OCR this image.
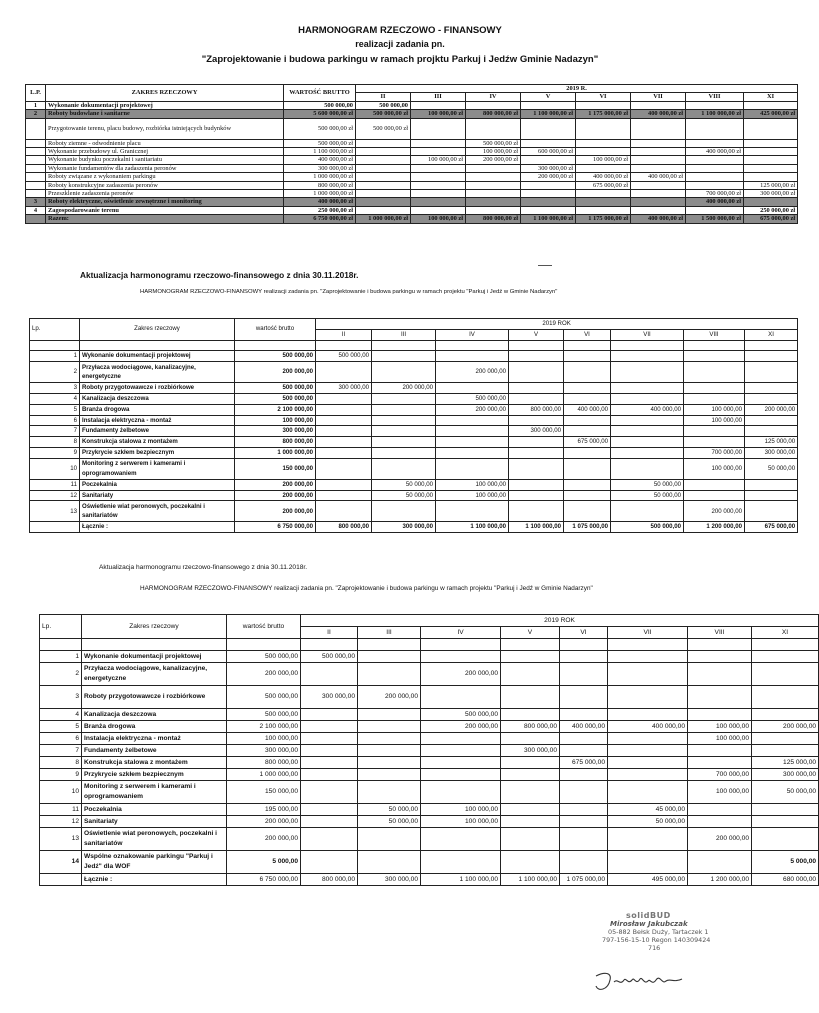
HARMONOGRAM RZECZOWO - FINANSOWY
realizacji zadania pn.
"Zaprojektowanie i budowa parkingu w ramach projktu Parkuj i Jedźw Gminie Nadazyn"
L.P.	ZAKRES RZECZOWY	WARTOŚĆ BRUTTO	2019 R.							
			II	III	IV	V	VI	VII	VIII	XI
1	Wykonanie dokumentacji projektowej	500 000,00	500 000,00							
2	Roboty budowlane i sanitarne	5 600 000,00 zł	500 000,00 zł	100 000,00 zł	800 000,00 zł	1 100 000,00 zł	1 175 000,00 zł	400 000,00 zł	1 100 000,00 zł	425 000,00 zł
	Przygotowanie terenu, placu budowy, rozbiórka istniejących budynków	500 000,00 zł	500 000,00 zł							
	Roboty ziemne - odwodnienie placu	500 000,00 zł			500 000,00 zł					
	Wykonanie przebudowy ul. Granicznej	1 100 000,00 zł			100 000,00 zł	600 000,00 zł			400 000,00 zł	
	Wykonanie budynku poczekalni i sanitariatu	400 000,00 zł		100 000,00 zł	200 000,00 zł		100 000,00 zł			
	Wykonanie fundamentów dla zadaszenia peronów	300 000,00 zł				300 000,00 zł				
	Roboty związane z wykonaniem parkingu	1 000 000,00 zł				200 000,00 zł	400 000,00 zł	400 000,00 zł		
	Roboty konstrukcyjne zadaszenia peronów	800 000,00 zł					675 000,00 zł			125 000,00 zł
	Przeszklenie zadaszenia peronów	1 000 000,00 zł							700 000,00 zł	300 000,00 zł
3	Roboty elektryczne, oświetlenie zewnętrzne i monitoring	400 000,00 zł							400 000,00 zł	
4	Zagospodarowanie terenu	250 000,00 zł								250 000,00 zł
	Razem:	6 750 000,00 zł	1 000 000,00 zł	100 000,00 zł	800 000,00 zł	1 100 000,00 zł	1 175 000,00 zł	400 000,00 zł	1 500 000,00 zł	675 000,00 zł
Aktualizacja harmonogramu rzeczowo-finansowego z dnia 30.11.2018r.
HARMONOGRAM RZECZOWO-FINANSOWY realizacji zadania pn. "Zaprojektowanie i budowa parkingu w ramach projektu "Parkuj i Jedź w Gminie Nadarzyn"
Lp.	Zakres rzeczowy	wartość brutto	2019 ROK							
			II	III	IV	V	VI	VII	VIII	XI

1	Wykonanie dokumentacji projektowej	500 000,00	500 000,00							
2	Przyłacza wodociągowe, kanalizacyjne, energetyczne	200 000,00			200 000,00					
3	Roboty przygotowawcze i rozbiórkowe	500 000,00	300 000,00	200 000,00						
4	Kanalizacja deszczowa	500 000,00			500 000,00					
5	Branża drogowa	2 100 000,00			200 000,00	800 000,00	400 000,00	400 000,00	100 000,00	200 000,00
6	Instalacja elektryczna - montaż	100 000,00							100 000,00	
7	Fundamenty żelbetowe	300 000,00				300 000,00				
8	Konstrukcja stalowa z montażem	800 000,00					675 000,00			125 000,00
9	Przykrycie szkłem bezpiecznym	1 000 000,00							700 000,00	300 000,00
10	Monitoring z serwerem i kamerami i oprogramowaniem	150 000,00							100 000,00	50 000,00
11	Poczekalnia	200 000,00		50 000,00	100 000,00			50 000,00		
12	Sanitariaty	200 000,00		50 000,00	100 000,00			50 000,00		
13	Oświetlenie wiat peronowych, poczekalni i sanitariatów	200 000,00							200 000,00	
	Łącznie :	6 750 000,00	800 000,00	300 000,00	1 100 000,00	1 100 000,00	1 075 000,00	500 000,00	1 200 000,00	675 000,00
Aktualizacja harmonogramu rzeczowo-finansowego z dnia 30.11.2018r.
HARMONOGRAM RZECZOWO-FINANSOWY realizacji zadania pn. "Zaprojektowanie i budowa parkingu w ramach projektu "Parkuj i Jedź w Gminie Nadarzyn"
Lp.	Zakres rzeczowy	wartość brutto	2019 ROK							
			II	III	IV	V	VI	VII	VIII	XI

1	Wykonanie dokumentacji projektowej	500 000,00	500 000,00							
2	Przyłacza wodociągowe, kanalizacyjne, energetyczne	200 000,00			200 000,00					
3	Roboty przygotowawcze i rozbiórkowe	500 000,00	300 000,00	200 000,00						
4	Kanalizacja deszczowa	500 000,00			500 000,00					
5	Branża drogowa	2 100 000,00			200 000,00	800 000,00	400 000,00	400 000,00	100 000,00	200 000,00
6	Instalacja elektryczna - montaż	100 000,00							100 000,00	
7	Fundamenty żelbetowe	300 000,00				300 000,00				
8	Konstrukcja stalowa z montażem	800 000,00					675 000,00			125 000,00
9	Przykrycie szkłem bezpiecznym	1 000 000,00							700 000,00	300 000,00
10	Monitoring z serwerem i kamerami i oprogramowaniem	150 000,00							100 000,00	50 000,00
11	Poczekalnia	195 000,00		50 000,00	100 000,00			45 000,00		
12	Sanitariaty	200 000,00		50 000,00	100 000,00			50 000,00		
13	Oświetlenie wiat peronowych, poczekalni i sanitariatów	200 000,00							200 000,00	
14	Wspólne oznakowanie parkingu "Parkuj i Jedź" dla WOF	5 000,00								5 000,00
	Łącznie :	6 750 000,00	800 000,00	300 000,00	1 100 000,00	1 100 000,00	1 075 000,00	495 000,00	1 200 000,00	680 000,00
solidBUD
Mirosław Jakubczak
05-882 Bełsk Duży, Tartaczek 1
797-156-15-10 Regon 140309424
716
